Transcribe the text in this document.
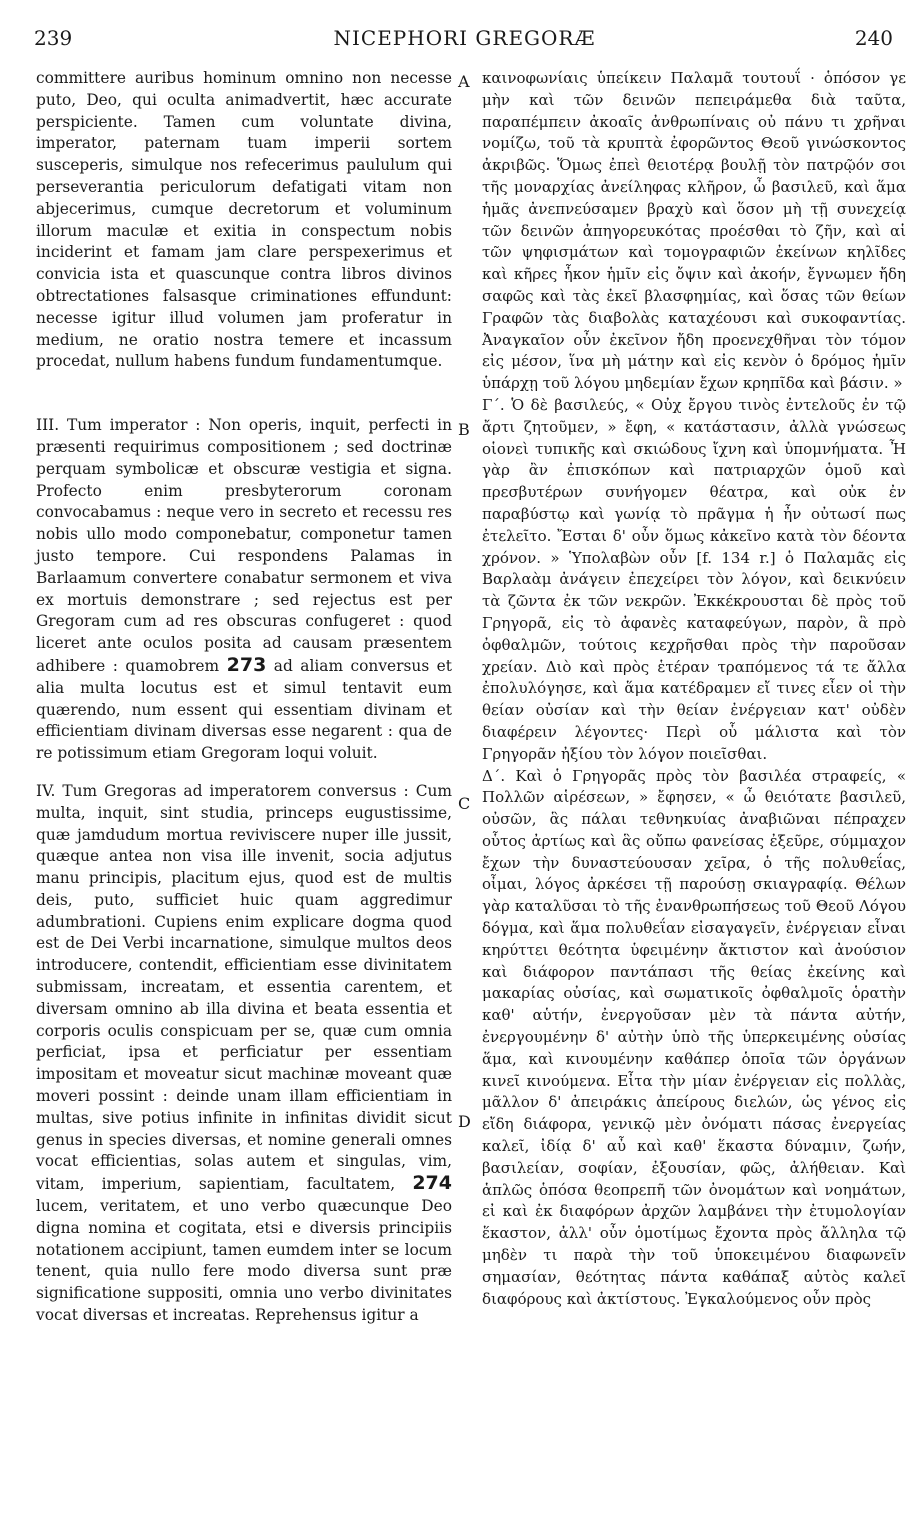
239	NICEPHORI GREGORÆ	240

committere auribus hominum omnino non necesse puto, Deo, qui oculta animadvertit, hæc accurate perspiciente. Tamen cum voluntate divina, imperator, paternam tuam imperii sortem susceperis, simulque nos refecerimus paululum qui perseverantia periculorum defatigati vitam non abjecerimus, cumque decretorum et voluminum illorum maculæ et exitia in conspectum nobis inciderint et famam jam clare perspexerimus et convicia ista et quascunque contra libros divinos obtrectationes falsasque criminationes effundunt: necesse igitur illud volumen jam proferatur in medium, ne oratio nostra temere et incassum procedat, nullum habens fundum fundamentumque.

III. Tum imperator : Non operis, inquit, perfecti in præsenti requirimus compositionem ; sed doctrinæ perquam symbolicæ et obscuræ vestigia et signa. Profecto enim presbyterorum coronam convocabamus : neque vero in secreto et recessu res nobis ullo modo componebatur, componetur tamen justo tempore. Cui respondens Palamas in Barlaamum convertere conabatur sermonem et viva ex mortuis demonstrare ; sed rejectus est per Gregoram cum ad res obscuras confugeret : quod liceret ante oculos posita ad causam præsentem adhibere : quamobrem 273 ad aliam conversus et alia multa locutus est et simul tentavit eum quærendo, num essent qui essentiam divinam et efficientiam divinam diversas esse negarent : qua de re potissimum etiam Gregoram loqui voluit.

IV. Tum Gregoras ad imperatorem conversus : Cum multa, inquit, sint studia, princeps eugustissime, quæ jamdudum mortua reviviscere nuper ille jussit, quæque antea non visa ille invenit, socia adjutus manu principis, placitum ejus, quod est de multis deis, puto, sufficiet huic quam aggredimur adumbrationi. Cupiens enim explicare dogma quod est de Dei Verbi incarnatione, simulque multos deos introducere, contendit, efficientiam esse divinitatem submissam, increatam, et essentia carentem, et diversam omnino ab illa divina et beata essentia et corporis oculis conspicuam per se, quæ cum omnia perficiat, ipsa et perficiatur per essentiam impositam et moveatur sicut machinæ moveant quæ moveri possint : deinde unam illam efficientiam in multas, sive potius infinite in infinitas dividit sicut genus in species diversas, et nomine generali omnes vocat efficientias, solas autem et singulas, vim, vitam, imperium, sapientiam, facultatem, 274 lucem, veritatem, et uno verbo quæcunque Deo digna nomina et cogitata, etsi e diversis principiis notationem accipiunt, tamen eumdem inter se locum tenent, quia nullo fere modo diversa sunt præ significatione suppositi, omnia uno verbo divinitates vocat diversas et increatas. Reprehensus igitur a

A
B
C
D

καινοφωνίαις ὑπείκειν Παλαμᾶ τουτουΐ · ὁπόσον γε μὴν καὶ τῶν δεινῶν πεπειράμεθα διὰ ταῦτα, παραπέμπειν ἀκοαῖς ἀνθρωπίναις οὐ πάνυ τι χρῆναι νομίζω, τοῦ τὰ κρυπτὰ ἐφορῶντος Θεοῦ γινώσκοντος ἀκριβῶς. Ὅμως ἐπεὶ θειοτέρᾳ βουλῇ τὸν πατρῷόν σοι τῆς μοναρχίας ἀνείληφας κλῆρον, ὦ βασιλεῦ, καὶ ἅμα ἡμᾶς ἀνεπνεύσαμεν βραχὺ καὶ ὅσον μὴ τῇ συνεχείᾳ τῶν δεινῶν ἀπηγορευκότας προέσθαι τὸ ζῆν, καὶ αἱ τῶν ψηφισμάτων καὶ τομογραφιῶν ἐκείνων κηλῖδες καὶ κῆρες ἧκον ἡμῖν εἰς ὄψιν καὶ ἀκοήν, ἔγνωμεν ἤδη σαφῶς καὶ τὰς ἐκεῖ βλασφημίας, καὶ ὅσας τῶν θείων Γραφῶν τὰς διαβολὰς καταχέουσι καὶ συκοφαντίας. Ἀναγκαῖον οὖν ἐκεῖνον ἤδη προενεχθῆναι τὸν τόμον εἰς μέσον, ἵνα μὴ μάτην καὶ εἰς κενὸν ὁ δρόμος ἡμῖν ὑπάρχῃ τοῦ λόγου μηδεμίαν ἔχων κρηπῖδα καὶ βάσιν. »

Γ΄. Ὁ δὲ βασιλεύς, « Οὐχ ἔργου τινὸς ἐντελοῦς ἐν τῷ ἄρτι ζητοῦμεν, » ἔφη, « κατάστασιν, ἀλλὰ γνώσεως οἱονεὶ τυπικῆς καὶ σκιώδους ἴχνη καὶ ὑπομνήματα. Ἦ γὰρ ἂν ἐπισκόπων καὶ πατριαρχῶν ὁμοῦ καὶ πρεσβυτέρων συνήγομεν θέατρα, καὶ οὐκ ἐν παραβύστῳ καὶ γωνίᾳ τὸ πρᾶγμα ἡ ἦν οὐτωσί πως ἐτελεῖτο. Ἔσται δ' οὖν ὅμως κἀκεῖνο κατὰ τὸν δέοντα χρόνον. » Ὑπολαβὼν οὖν [f. 134 r.] ὁ Παλαμᾶς εἰς Βαρλαὰμ ἀνάγειν ἐπεχείρει τὸν λόγον, καὶ δεικνύειν τὰ ζῶντα ἐκ τῶν νεκρῶν. Ἐκκέκρουσται δὲ πρὸς τοῦ Γρηγορᾶ, εἰς τὸ ἀφανὲς καταφεύγων, παρὸν, ἃ πρὸ ὀφθαλμῶν, τούτοις κεχρῆσθαι πρὸς τὴν παροῦσαν χρείαν. Διὸ καὶ πρὸς ἑτέραν τραπόμενος τά τε ἄλλα ἐπολυλόγησε, καὶ ἅμα κατέδραμεν εἴ τινες εἶεν οἱ τὴν θείαν οὐσίαν καὶ τὴν θείαν ἐνέργειαν κατ' οὐδὲν διαφέρειν λέγοντες· Περὶ οὗ μάλιστα καὶ τὸν Γρηγορᾶν ἠξίου τὸν λόγον ποιεῖσθαι.

Δ΄. Καὶ ὁ Γρηγορᾶς πρὸς τὸν βασιλέα στραφείς, « Πολλῶν αἱρέσεων, » ἔφησεν, « ὦ θειότατε βασιλεῦ, οὐσῶν, ἃς πάλαι τεθνηκυίας ἀναβιῶναι πέπραχεν οὗτος ἀρτίως καὶ ἃς οὔπω φανείσας ἐξεῦρε, σύμμαχον ἔχων τὴν δυναστεύουσαν χεῖρα, ὁ τῆς πολυθεΐας, οἶμαι, λόγος ἀρκέσει τῇ παρούσῃ σκιαγραφίᾳ. Θέλων γὰρ καταλῦσαι τὸ τῆς ἐνανθρωπήσεως τοῦ Θεοῦ Λόγου δόγμα, καὶ ἅμα πολυθεΐαν εἰσαγαγεῖν, ἐνέργειαν εἶναι κηρύττει θεότητα ὑφειμένην ἄκτιστον καὶ ἀνούσιον καὶ διάφορον παντάπασι τῆς θείας ἐκείνης καὶ μακαρίας οὐσίας, καὶ σωματικοῖς ὀφθαλμοῖς ὁρατὴν καθ' αὑτήν, ἐνεργοῦσαν μὲν τὰ πάντα αὐτήν, ἐνεργουμένην δ' αὐτὴν ὑπὸ τῆς ὑπερκειμένης οὐσίας ἅμα, καὶ κινουμένην καθάπερ ὁποῖα τῶν ὀργάνων κινεῖ κινούμενα. Εἶτα τὴν μίαν ἐνέργειαν εἰς πολλὰς, μᾶλλον δ' ἀπειράκις ἀπείρους διελών, ὡς γένος εἰς εἴδη διάφορα, γενικῷ μὲν ὀνόματι πάσας ἐνεργείας καλεῖ, ἰδίᾳ δ' αὖ καὶ καθ' ἕκαστα δύναμιν, ζωήν, βασιλείαν, σοφίαν, ἐξουσίαν, φῶς, ἀλήθειαν. Καὶ ἁπλῶς ὁπόσα θεοπρεπῆ τῶν ὀνομάτων καὶ νοημάτων, εἰ καὶ ἐκ διαφόρων ἀρχῶν λαμβάνει τὴν ἐτυμολογίαν ἕκαστον, ἀλλ' οὖν ὁμοτίμως ἔχοντα πρὸς ἄλληλα τῷ μηδὲν τι παρὰ τὴν τοῦ ὑποκειμένου διαφωνεῖν σημασίαν, θεότητας πάντα καθάπαξ αὐτὸς καλεῖ διαφόρους καὶ ἀκτίστους. Ἐγκαλούμενος οὖν πρὸς
